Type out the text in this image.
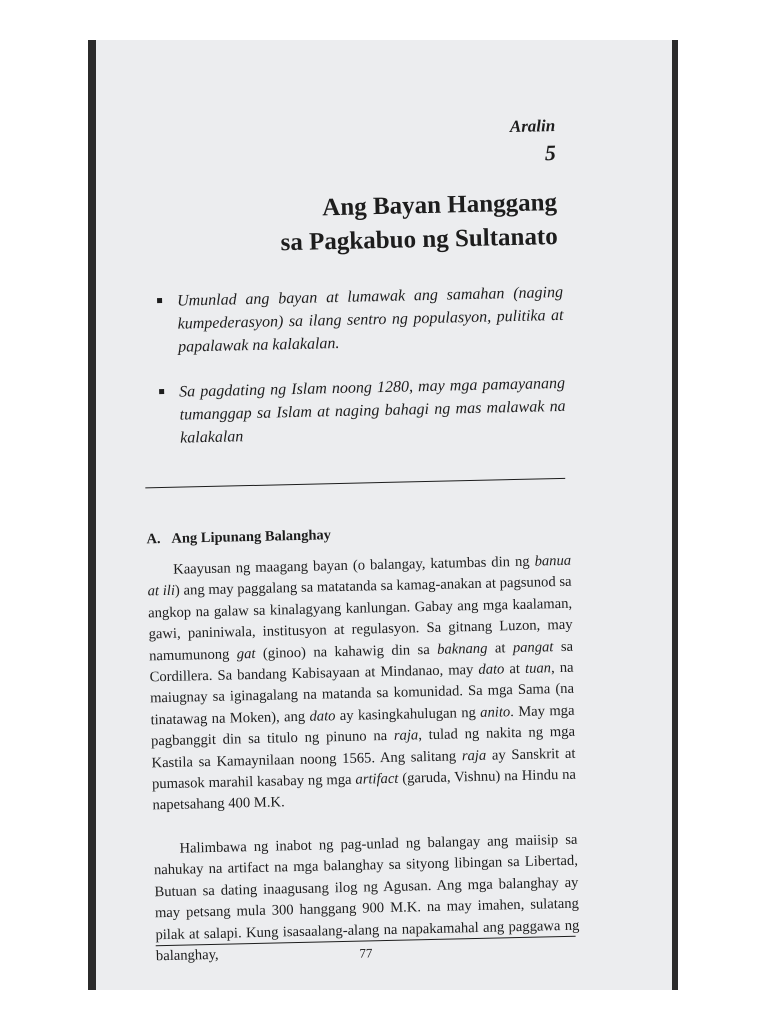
Aralin
5
Ang Bayan Hanggang
sa Pagkabuo ng Sultanato
Umunlad ang bayan at lumawak ang samahan (naging kumpederasyon) sa ilang sentro ng populasyon, pulitika at papalawak na kalakalan.
Sa pagdating ng Islam noong 1280, may mga pamayanang tumanggap sa Islam at naging bahagi ng mas malawak na kalakalan
A. Ang Lipunang Balanghay

Kaayusan ng maagang bayan (o balangay, katumbas din ng banua at ili) ang may paggalang sa matatanda sa kamag-anakan at pagsunod sa angkop na galaw sa kinalagyang kanlungan. Gabay ang mga kaalaman, gawi, paniniwala, institusyon at regulasyon. Sa gitnang Luzon, may namumunong gat (ginoo) na kahawig din sa baknang at pangat sa Cordillera. Sa bandang Kabisayaan at Mindanao, may dato at tuan, na maiugnay sa iginagalang na matanda sa komunidad. Sa mga Sama (na tinatawag na Moken), ang dato ay kasingkahulugan ng anito. May mga pagbanggit din sa titulo ng pinuno na raja, tulad ng nakita ng mga Kastila sa Kamaynilaan noong 1565. Ang salitang raja ay Sanskrit at pumasok marahil kasabay ng mga artifact (garuda, Vishnu) na Hindu na napetsahang 400 M.K.

Halimbawa ng inabot ng pag-unlad ng balangay ang maiisip sa nahukay na artifact na mga balanghay sa sityong libingan sa Libertad, Butuan sa dating inaagusang ilog ng Agusan. Ang mga balanghay ay may petsang mula 300 hanggang 900 M.K. na may imahen, sulatang pilak at salapi. Kung isasaalang-alang na napakamahal ang paggawa ng balanghay,	77
